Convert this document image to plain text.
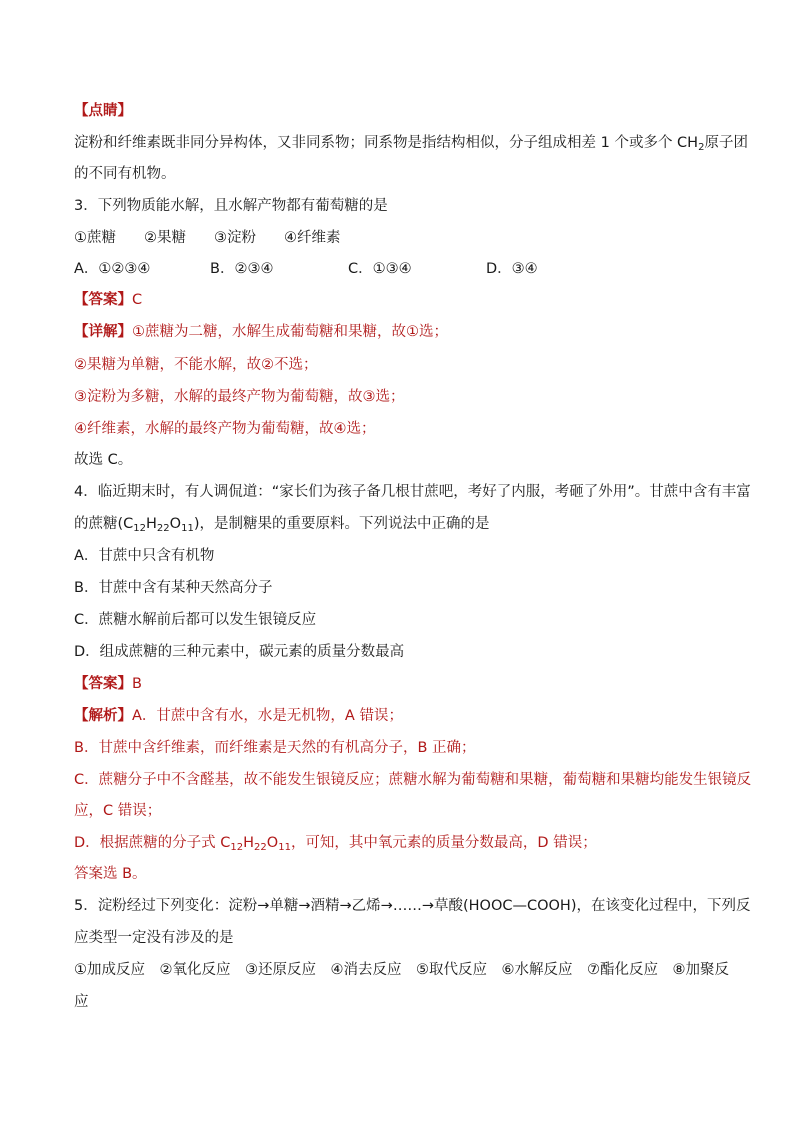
【点睛】
淀粉和纤维素既非同分异构体，又非同系物；同系物是指结构相似，分子组成相差 1 个或多个 $CH_2$原子团
的不同有机物。
3．下列物质能水解，且水解产物都有葡萄糖的是
①蔗糖 ②果糖 ③淀粉 ④纤维素
A．①②③④	B．②③④	C．①③④	D．③④
【答案】C
【详解】①蔗糖为二糖，水解生成葡萄糖和果糖，故①选；
②果糖为单糖，不能水解，故②不选；
③淀粉为多糖，水解的最终产物为葡萄糖，故③选；
④纤维素，水解的最终产物为葡萄糖，故④选；
故选 C。
4．临近期末时，有人调侃道：“家长们为孩子备几根甘蔗吧，考好了内服，考砸了外用”。甘蔗中含有丰富
的蔗糖$(C_{12}H_{22}O_{11})$，是制糖果的重要原料。下列说法中正确的是
A．甘蔗中只含有机物
B．甘蔗中含有某种天然高分子
C．蔗糖水解前后都可以发生银镜反应
D．组成蔗糖的三种元素中，碳元素的质量分数最高
【答案】B
【解析】A．甘蔗中含有水，水是无机物，A 错误；
B．甘蔗中含纤维素，而纤维素是天然的有机高分子，B 正确；
C．蔗糖分子中不含醛基，故不能发生银镜反应；蔗糖水解为葡萄糖和果糖，葡萄糖和果糖均能发生银镜反
应，C 错误；
D．根据蔗糖的分子式 $C_{12}H_{22}O_{11}$，可知，其中氧元素的质量分数最高，D 错误；
答案选 B。
5．淀粉经过下列变化：淀粉→单糖→酒精→乙烯→……→草酸(HOOC—COOH)，在该变化过程中，下列反
应类型一定没有涉及的是
①加成反应　②氧化反应　③还原反应　④消去反应　⑤取代反应　⑥水解反应　⑦酯化反应　⑧加聚反
应
